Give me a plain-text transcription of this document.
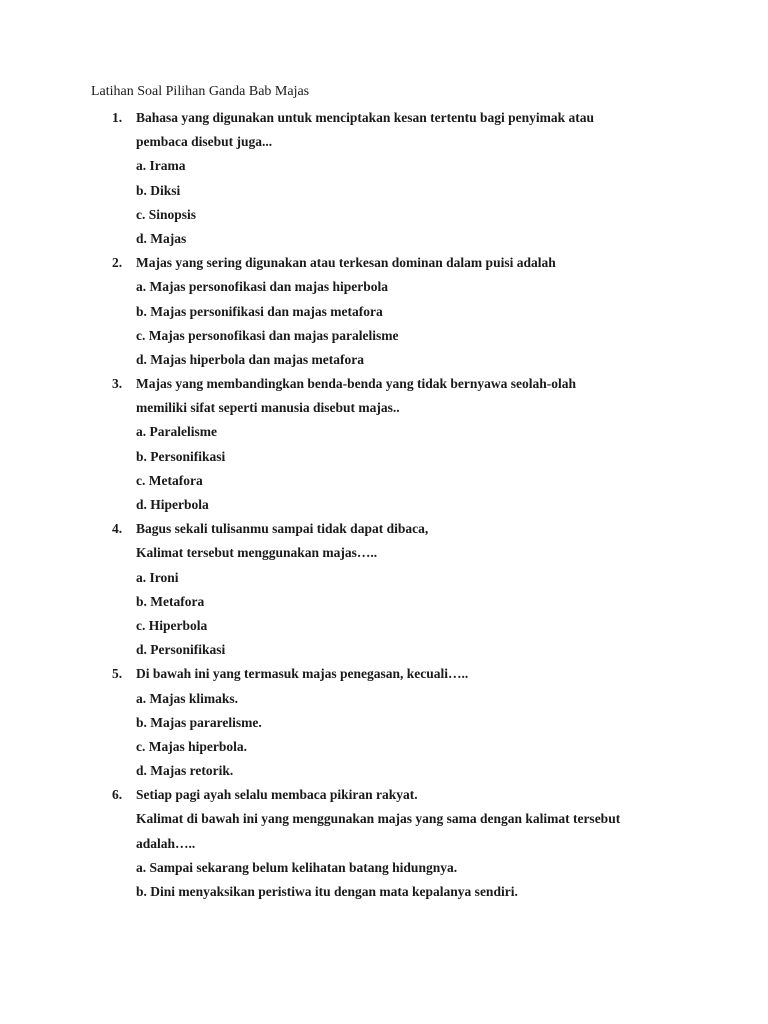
Latihan Soal Pilihan Ganda Bab Majas
1. Bahasa yang digunakan untuk menciptakan kesan tertentu bagi penyimak atau
pembaca disebut juga...
a. Irama
b. Diksi
c. Sinopsis
d. Majas
2. Majas yang sering digunakan atau terkesan dominan dalam puisi adalah
a. Majas personofikasi dan majas hiperbola
b. Majas personifikasi dan majas metafora
c. Majas personofikasi dan majas paralelisme
d. Majas hiperbola dan majas metafora
3. Majas yang membandingkan benda-benda yang tidak bernyawa seolah-olah
memiliki sifat seperti manusia disebut majas..
a. Paralelisme
b. Personifikasi
c. Metafora
d. Hiperbola
4. Bagus sekali tulisanmu sampai tidak dapat dibaca,
Kalimat tersebut menggunakan majas…..
a. Ironi
b. Metafora
c. Hiperbola
d. Personifikasi
5. Di bawah ini yang termasuk majas penegasan, kecuali…..
a. Majas klimaks.
b. Majas pararelisme.
c. Majas hiperbola.
d. Majas retorik.
6. Setiap pagi ayah selalu membaca pikiran rakyat.
Kalimat di bawah ini yang menggunakan majas yang sama dengan kalimat tersebut
adalah…..
a. Sampai sekarang belum kelihatan batang hidungnya.
b. Dini menyaksikan peristiwa itu dengan mata kepalanya sendiri.
